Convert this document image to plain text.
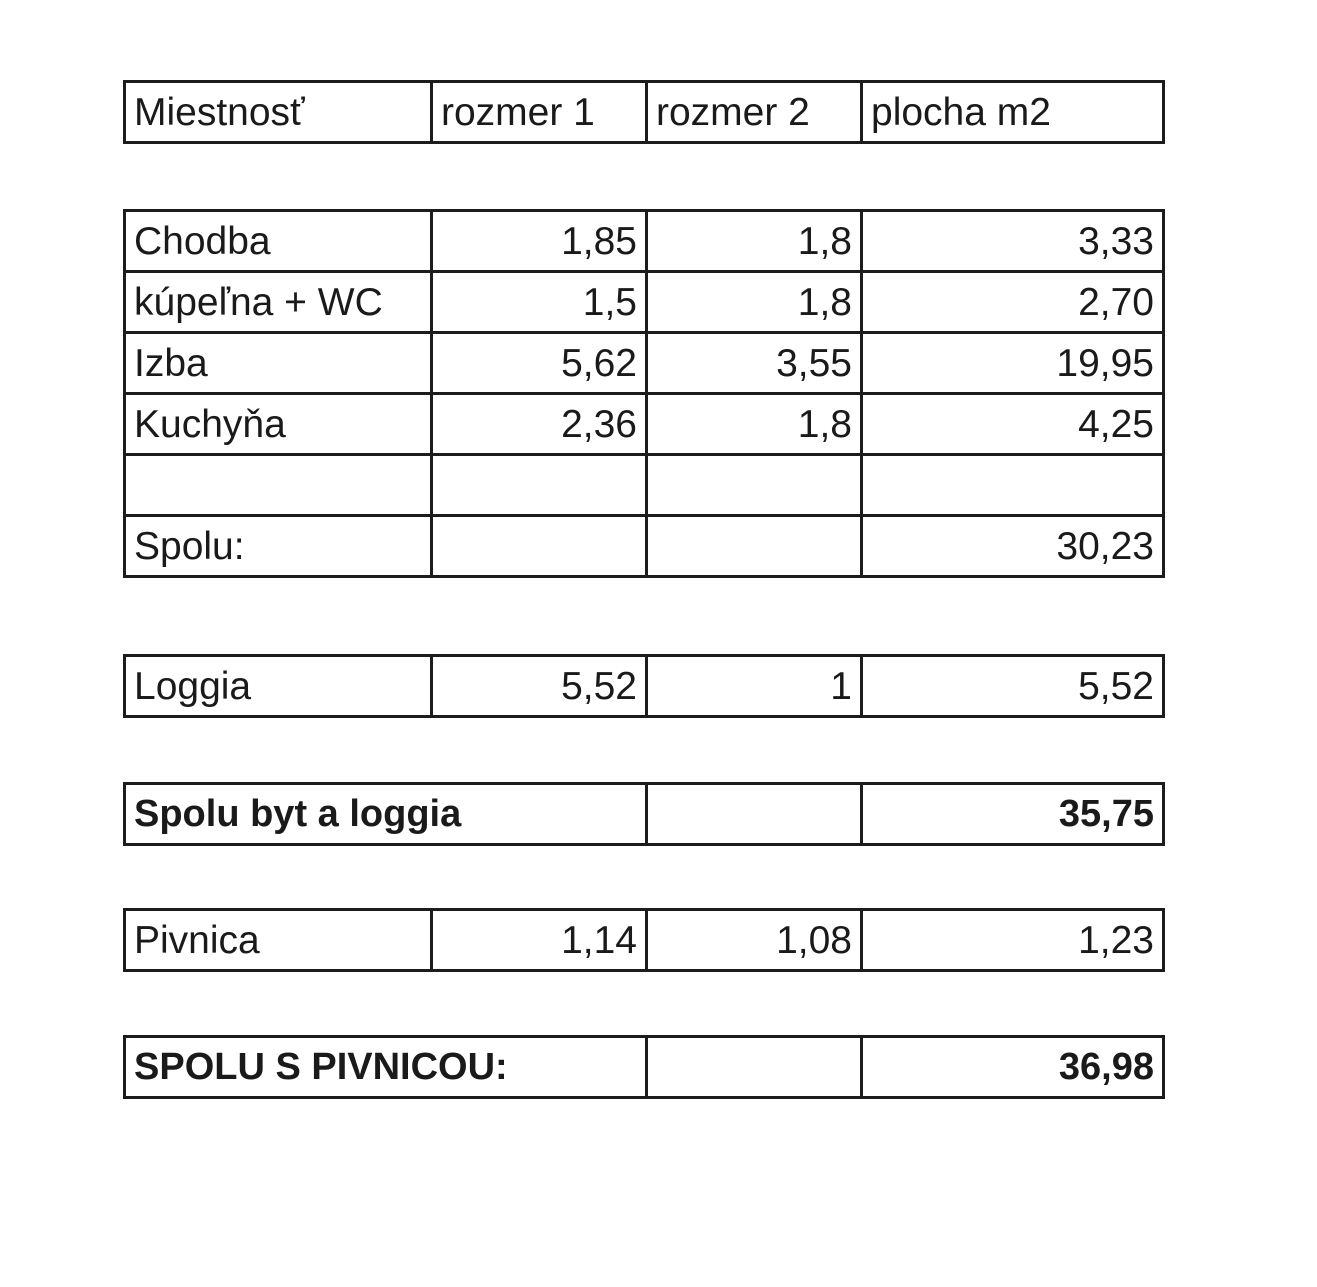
Miestnosť	rozmer 1	rozmer 2	plocha m2
Chodba	1,85	1,8	3,33
kúpeľna + WC	1,5	1,8	2,70
Izba	5,62	3,55	19,95
Kuchyňa	2,36	1,8	4,25

Spolu:			30,23
Loggia	5,52	1	5,52
Spolu byt a loggia		35,75
Pivnica	1,14	1,08	1,23
SPOLU S PIVNICOU:		36,98
